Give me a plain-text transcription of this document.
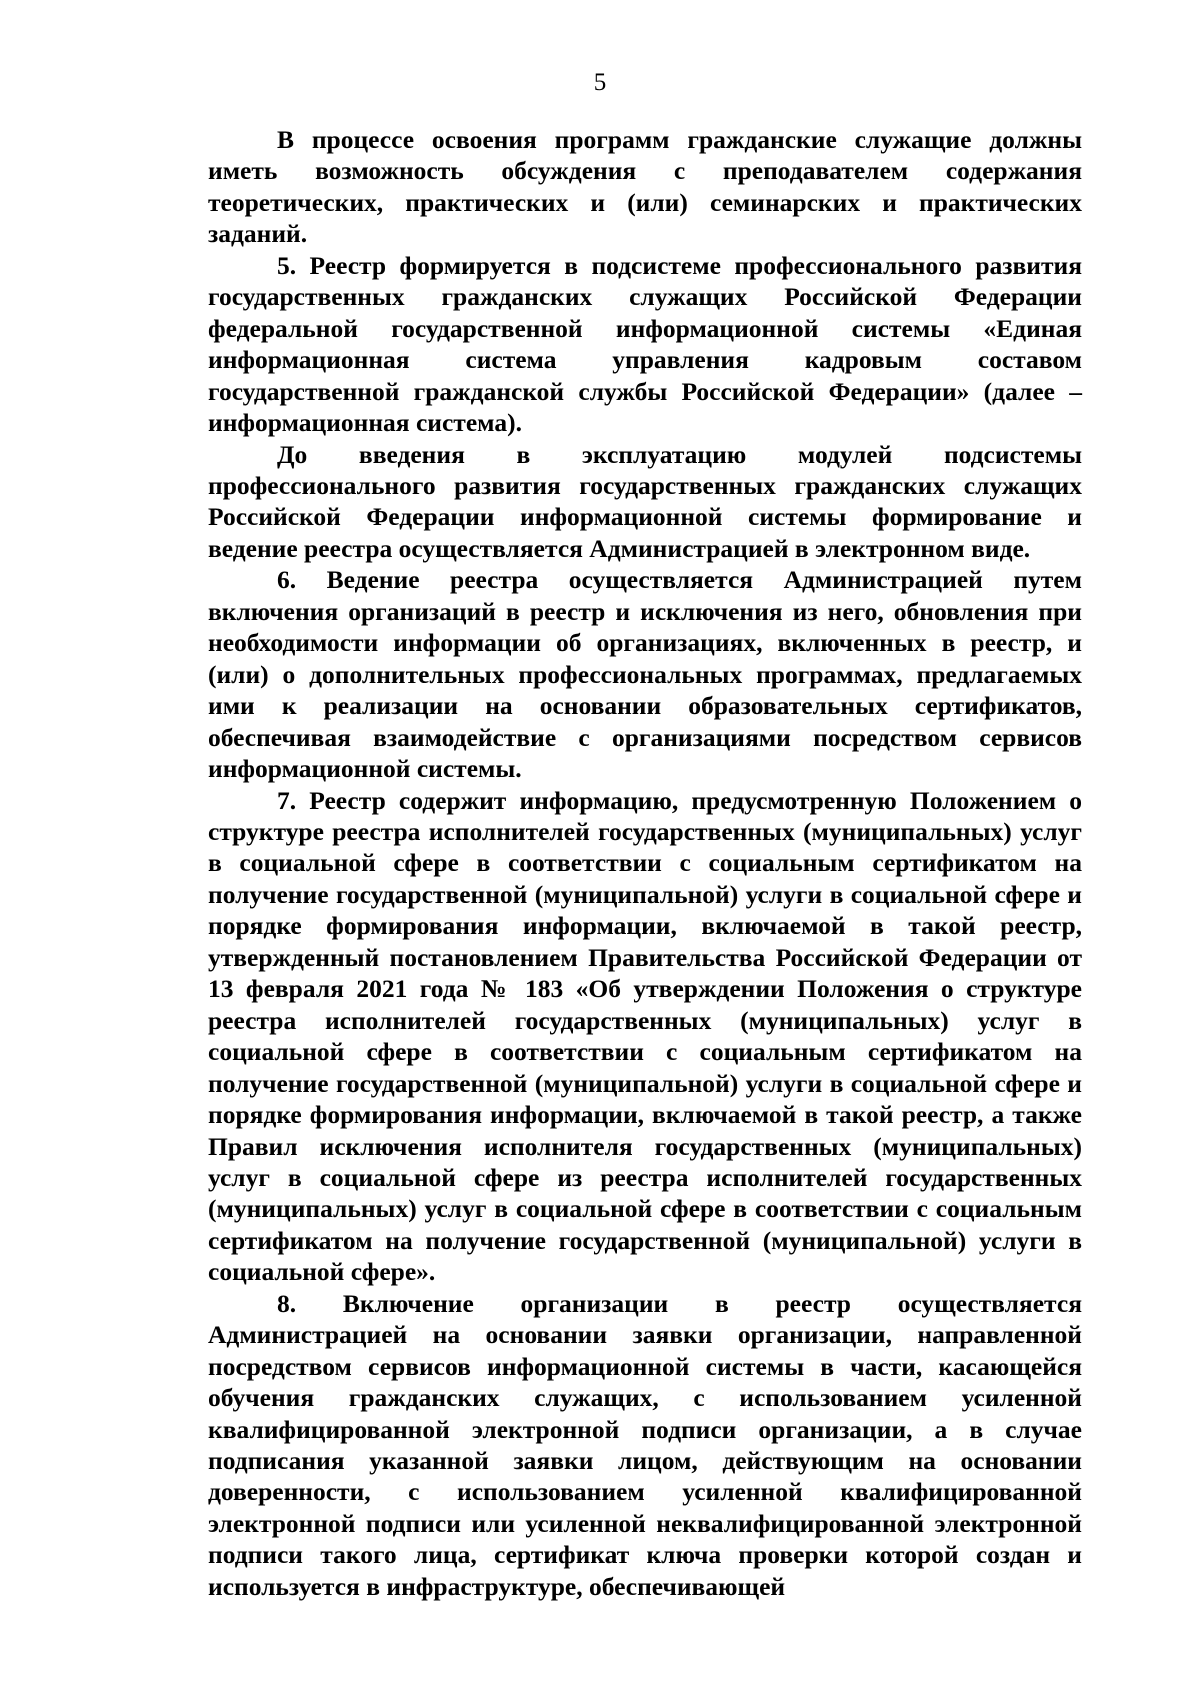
5

В процессе освоения программ гражданские служащие должны иметь возможность обсуждения с преподавателем содержания теоретических, практических и (или) семинарских и практических заданий.

5. Реестр формируется в подсистеме профессионального развития государственных гражданских служащих Российской Федерации федеральной государственной информационной системы «Единая информационная система управления кадровым составом государственной гражданской службы Российской Федерации» (далее – информационная система).

До введения в эксплуатацию модулей подсистемы профессионального развития государственных гражданских служащих Российской Федерации информационной системы формирование и ведение реестра осуществляется Администрацией в электронном виде.

6. Ведение реестра осуществляется Администрацией путем включения организаций в реестр и исключения из него, обновления при необходимости информации об организациях, включенных в реестр, и (или) о дополнительных профессиональных программах, предлагаемых ими к реализации на основании образовательных сертификатов, обеспечивая взаимодействие с организациями посредством сервисов информационной системы.

7. Реестр содержит информацию, предусмотренную Положением о структуре реестра исполнителей государственных (муниципальных) услуг в социальной сфере в соответствии с социальным сертификатом на получение государственной (муниципальной) услуги в социальной сфере и порядке формирования информации, включаемой в такой реестр, утвержденный постановлением Правительства Российской Федерации от 13 февраля 2021 года № 183 «Об утверждении Положения о структуре реестра исполнителей государственных (муниципальных) услуг в социальной сфере в соответствии с социальным сертификатом на получение государственной (муниципальной) услуги в социальной сфере и порядке формирования информации, включаемой в такой реестр, а также Правил исключения исполнителя государственных (муниципальных) услуг в социальной сфере из реестра исполнителей государственных (муниципальных) услуг в социальной сфере в соответствии с социальным сертификатом на получение государственной (муниципальной) услуги в социальной сфере».

8. Включение организации в реестр осуществляется Администрацией на основании заявки организации, направленной посредством сервисов информационной системы в части, касающейся обучения гражданских служащих, с использованием усиленной квалифицированной электронной подписи организации, а в случае подписания указанной заявки лицом, действующим на основании доверенности, с использованием усиленной квалифицированной электронной подписи или усиленной неквалифицированной электронной подписи такого лица, сертификат ключа проверки которой создан и используется в инфраструктуре, обеспечивающей
